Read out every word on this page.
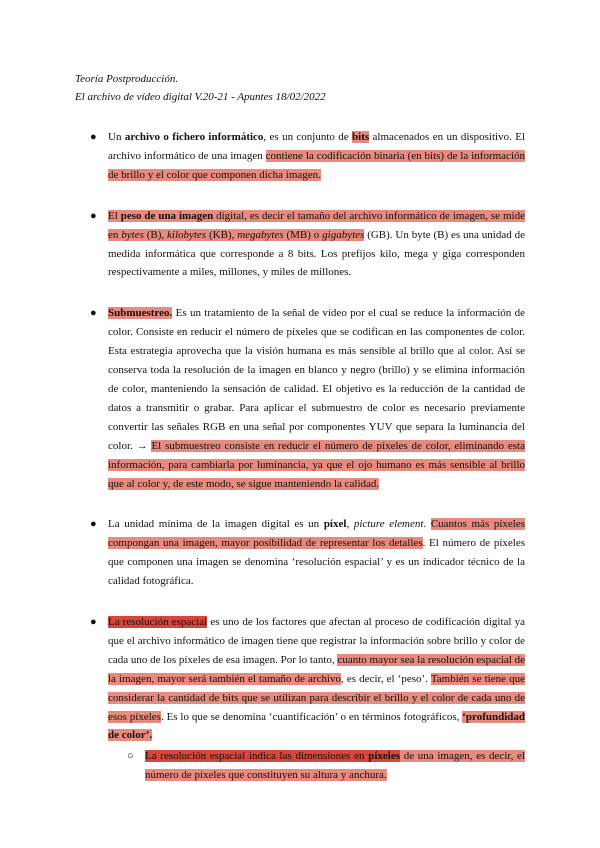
Teoría Postproducción.
El archivo de vídeo digital V.20-21 - Apuntes 18/02/2022
● Un archivo o fichero informático, es un conjunto de bits almacenados en un dispositivo. El archivo informático de una imagen contiene la codificación binaria (en bits) de la información de brillo y el color que componen dicha imagen.
● El peso de una imagen digital, es decir el tamaño del archivo informático de imagen, se mide en bytes (B), kilobytes (KB), megabytes (MB) o gigabytes (GB). Un byte (B) es una unidad de medida informática que corresponde a 8 bits. Los prefijos kilo, mega y giga corresponden respectivamente a miles, millones, y miles de millones.
● Submuestreo. Es un tratamiento de la señal de vídeo por el cual se reduce la información de color. Consiste en reducir el número de píxeles que se codifican en las componentes de color. Esta estrategia aprovecha que la visión humana es más sensible al brillo que al color. Así se conserva toda la resolución de la imagen en blanco y negro (brillo) y se elimina información de color, manteniendo la sensación de calidad. El objetivo es la reducción de la cantidad de datos a transmitir o grabar. Para aplicar el submuestro de color es necesario previamente convertir las señales RGB en una señal por componentes YUV que separa la luminancia del color. → El submuestreo consiste en reducir el número de píxeles de color, eliminando esta información, para cambiarla por luminancia, ya que el ojo humano es más sensible al brillo que al color y, de este modo, se sigue manteniendo la calidad.
● La unidad mínima de la imagen digital es un píxel, picture element. Cuantos más píxeles compongan una imagen, mayor posibilidad de representar los detalles. El número de píxeles que componen una imagen se denomina ‘resolución espacial’ y es un indicador técnico de la calidad fotográfica.
● La resolución espacial es uno de los factores que afectan al proceso de codificación digital ya que el archivo informático de imagen tiene que registrar la información sobre brillo y color de cada uno de los píxeles de esa imagen. Por lo tanto, cuanto mayor sea la resolución espacial de la imagen, mayor será también el tamaño de archivo, es decir, el ‘peso’. También se tiene que considerar la cantidad de bits que se utilizan para describir el brillo y el color de cada uno de esos píxeles. Es lo que se denomina ‘cuantificación’ o en términos fotográficos, ‘profundidad de color’.
○ La resolución espacial indica las dimensiones en píxeles de una imagen, es decir, el número de píxeles que constituyen su altura y anchura.
